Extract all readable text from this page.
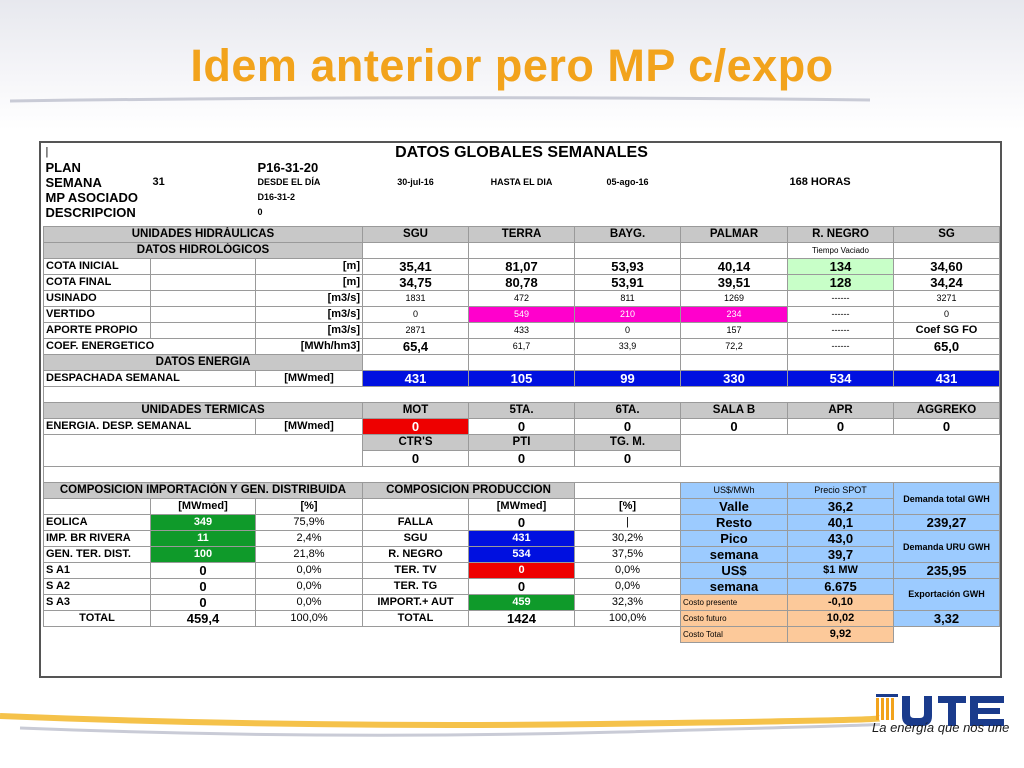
Idem anterior pero MP c/expo
|			DATOS GLOBALES SEMANALES					
PLAN		P16-31-20						
SEMANA	31	DESDE EL DÍA	30-jul-16	HASTA EL DIA	05-ago-16		168 HORAS	
MP ASOCIADO		D16-31-2						
DESCRIPCION		0						

UNIDADES HIDRÁULICAS			SGU	TERRA	BAYG.	PALMAR	R. NEGRO	SG
DATOS HIDROLÓGICOS							Tiempo Vaciado	
COTA INICIAL		[m]	35,41	81,07	53,93	40,14	134	34,60
COTA FINAL		[m]	34,75	80,78	53,91	39,51	128	34,24
USINADO		[m3/s]	1831	472	811	1269	------	3271
VERTIDO		[m3/s]	0	549	210	234	------	0
APORTE PROPIO		[m3/s]	2871	433	0	157	------	Coef SG FO
COEF. ENERGETICO		[MWh/hm3]	65,4	61,7	33,9	72,2	------	65,0
DATOS ENERGIA								
DESPACHADA SEMANAL		[MWmed]	431	105	99	330	534	431

UNIDADES TERMICAS			MOT	5TA.	6TA.	SALA B	APR	AGGREKO
ENERGIA. DESP. SEMANAL		[MWmed]	0	0	0	0	0	0
			CTR'S	PTI	TG. M.			
			0	0	0			

COMPOSICION IMPORTACIÓN Y GEN. DISTRIBUIDA			COMPOSICION PRODUCCION			US$/MWh	Precio SPOT	Demanda total GWH
	[MWmed]	[%]		[MWmed]	[%]	Valle	36,2	
EOLICA	349	75,9%	FALLA	0	|	Resto	40,1	239,27
IMP. BR RIVERA	11	2,4%	SGU	431	30,2%	Pico	43,0	Demanda URU GWH
GEN. TER. DIST.	100	21,8%	R. NEGRO	534	37,5%	semana	39,7	
S A1	0	0,0%	TER. TV	0	0,0%	US$	$1 MW	235,95
S A2	0	0,0%	TER. TG	0	0,0%	semana	6.675	Exportación GWH
S A3	0	0,0%	IMPORT.+ AUT	459	32,3%	Costo presente	-0,10	
TOTAL	459,4	100,0%	TOTAL	1424	100,0%	Costo futuro	10,02	3,32
						Costo Total	9,92	
La energía que nos une
